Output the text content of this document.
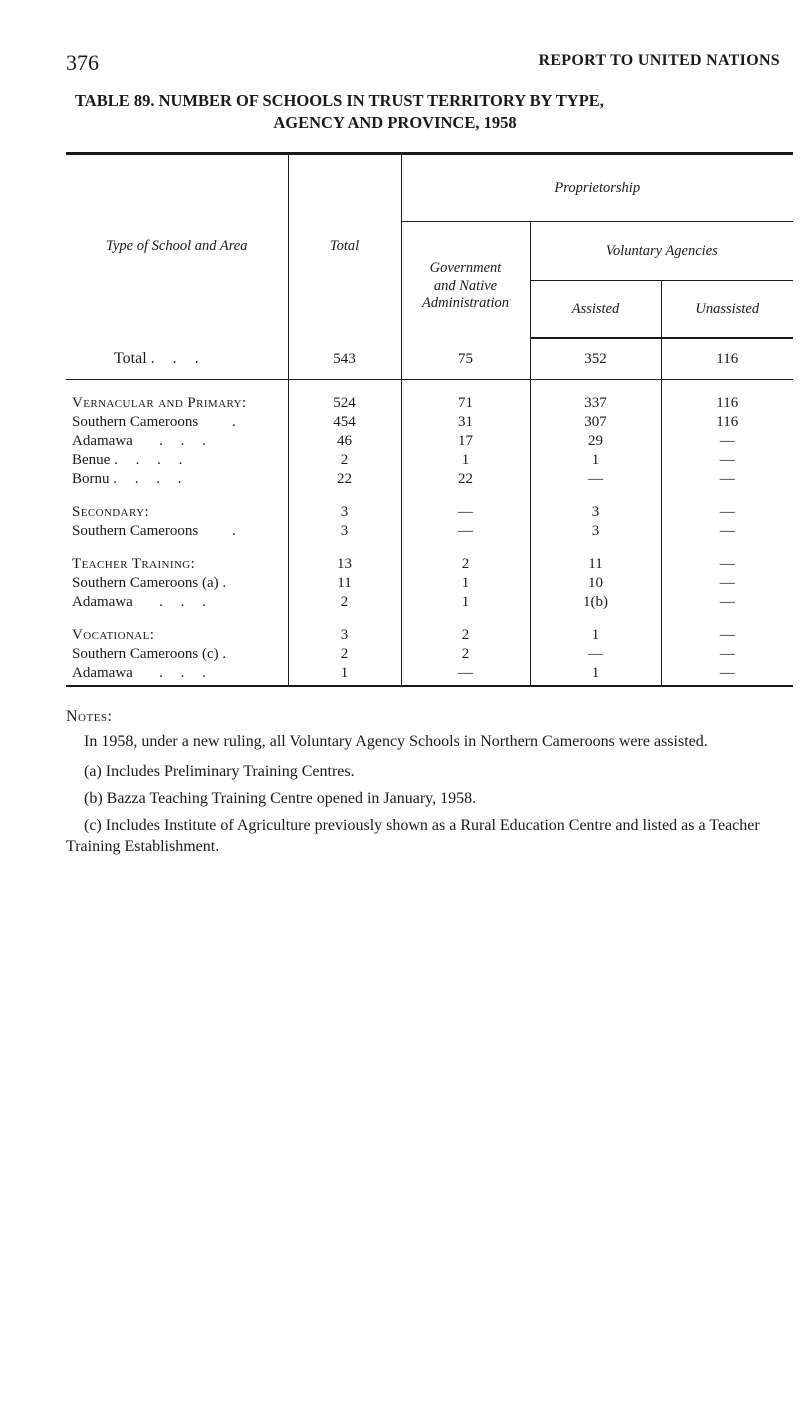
376	REPORT TO UNITED NATIONS
TABLE 89. NUMBER OF SCHOOLS IN TRUST TERRITORY BY TYPE,
AGENCY AND PROVINCE, 1958

Type of School and Area	Total	Proprietorship		
		Government
and Native
Administration	Voluntary Agencies	
			Assisted	Unassisted
Total . . .	543	75	352	116

Vernacular and Primary:	524	71	337	116
Southern Cameroons .	454	31	307	116
Adamawa . . .	46	17	29	—
Benue . . . .	2	1	1	—
Bornu . . . .	22	22	—	—

Secondary:	3	—	3	—
Southern Cameroons .	3	—	3	—

Teacher Training:	13	2	11	—
Southern Cameroons (a) .	11	1	10	—
Adamawa . . .	2	1	1(b)	—

Vocational:	3	2	1	—
Southern Cameroons (c) .	2	2	—	—
Adamawa . . .	1	—	1	—
Notes:

In 1958, under a new ruling, all Voluntary Agency Schools in Northern Cameroons were assisted.

(a) Includes Preliminary Training Centres.

(b) Bazza Teaching Training Centre opened in January, 1958.

(c) Includes Institute of Agriculture previously shown as a Rural Education Centre and listed as a Teacher Training Establishment.
